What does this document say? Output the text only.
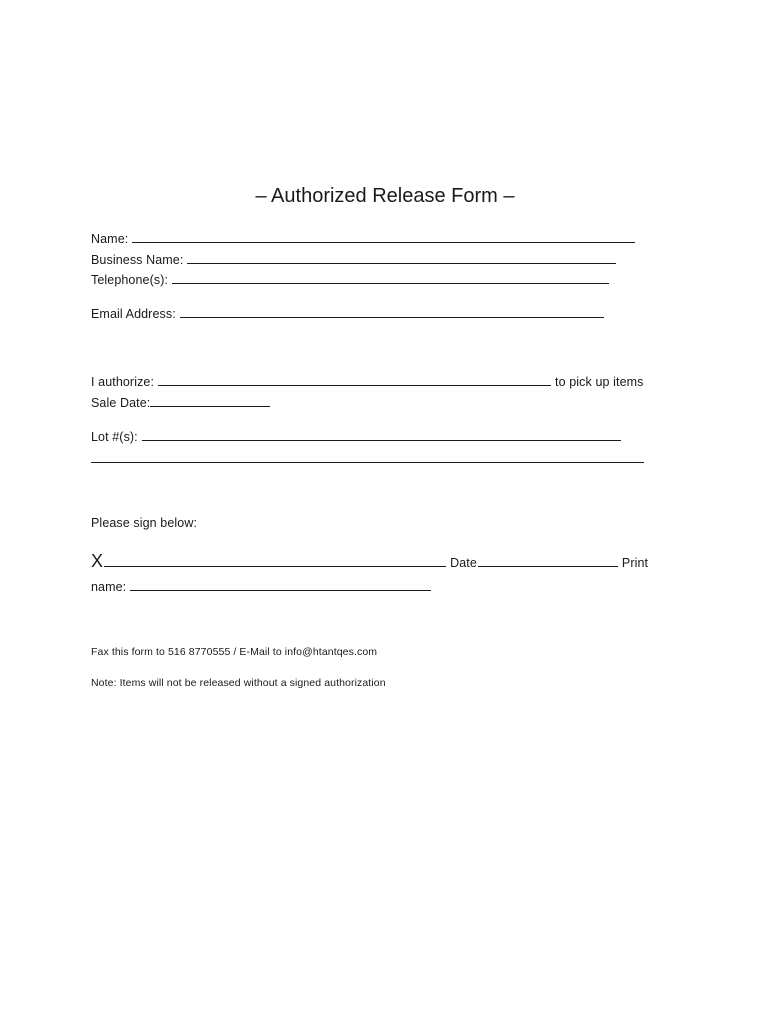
– Authorized Release Form –
Name:
Business Name:
Telephone(s):
Email Address:
I authorize:	to pick up items
Sale Date:
Lot #(s):
Please sign below:
X	Date	Print
name:
Fax this form to 516 8770555 / E-Mail to info@htantqes.com
Note: Items will not be released without a signed authorization
